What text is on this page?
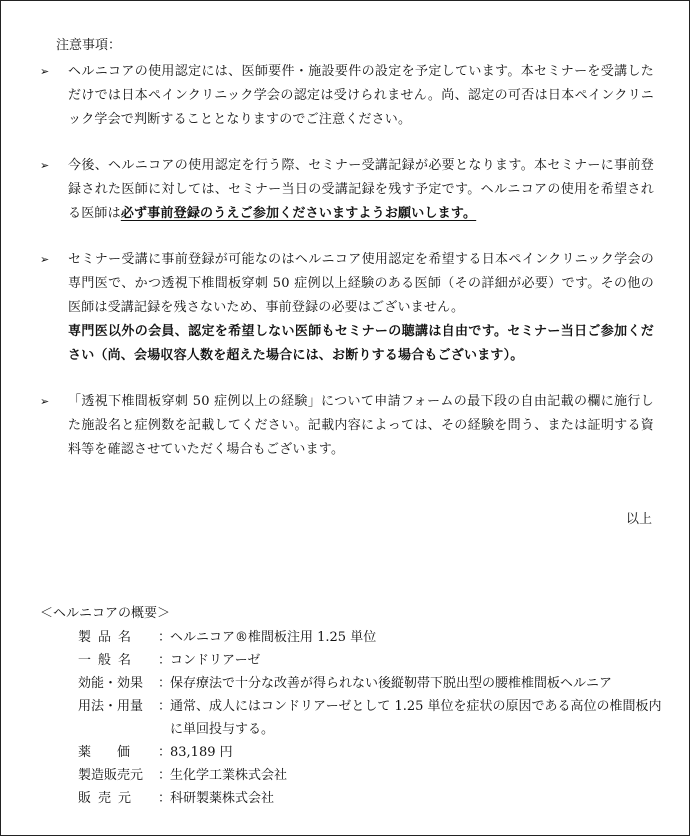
注意事項：
➢	ヘルニコアの使用認定には、医師要件・施設要件の設定を予定しています。本セミナーを受講しただけでは日本ペインクリニック学会の認定は受けられません。尚、認定の可否は日本ペインクリニック学会で判断することとなりますのでご注意ください。
➢	今後、ヘルニコアの使用認定を行う際、セミナー受講記録が必要となります。本セミナーに事前登録された医師に対しては、セミナー当日の受講記録を残す予定です。ヘルニコアの使用を希望される医師は必ず事前登録のうえご参加くださいますようお願いします。
➢	セミナー受講に事前登録が可能なのはヘルニコア使用認定を希望する日本ペインクリニック学会の専門医で、かつ透視下椎間板穿刺 50 症例以上経験のある医師（その詳細が必要）です。その他の医師は受講記録を残さないため、事前登録の必要はございません。
専門医以外の会員、認定を希望しない医師もセミナーの聴講は自由です。セミナー当日ご参加ください（尚、会場収容人数を超えた場合には、お断りする場合もございます）。
➢	「透視下椎間板穿刺 50 症例以上の経験」について申請フォームの最下段の自由記載の欄に施行した施設名と症例数を記載してください。記載内容によっては、その経験を問う、または証明する資料等を確認させていただく場合もございます。
以上
＜ヘルニコアの概要＞
製品名	：
ヘルニコア®椎間板注用 1.25 単位
一般名	：
コンドリアーゼ
効能・効果	：
保存療法で十分な改善が得られない後縦靭帯下脱出型の腰椎椎間板ヘルニア
用法・用量	：
通常、成人にはコンドリアーゼとして 1.25 単位を症状の原因である高位の椎間板内に単回投与する。
薬価 ：
83,189 円
製造販売元	：
生化学工業株式会社
販売元	：
科研製薬株式会社
